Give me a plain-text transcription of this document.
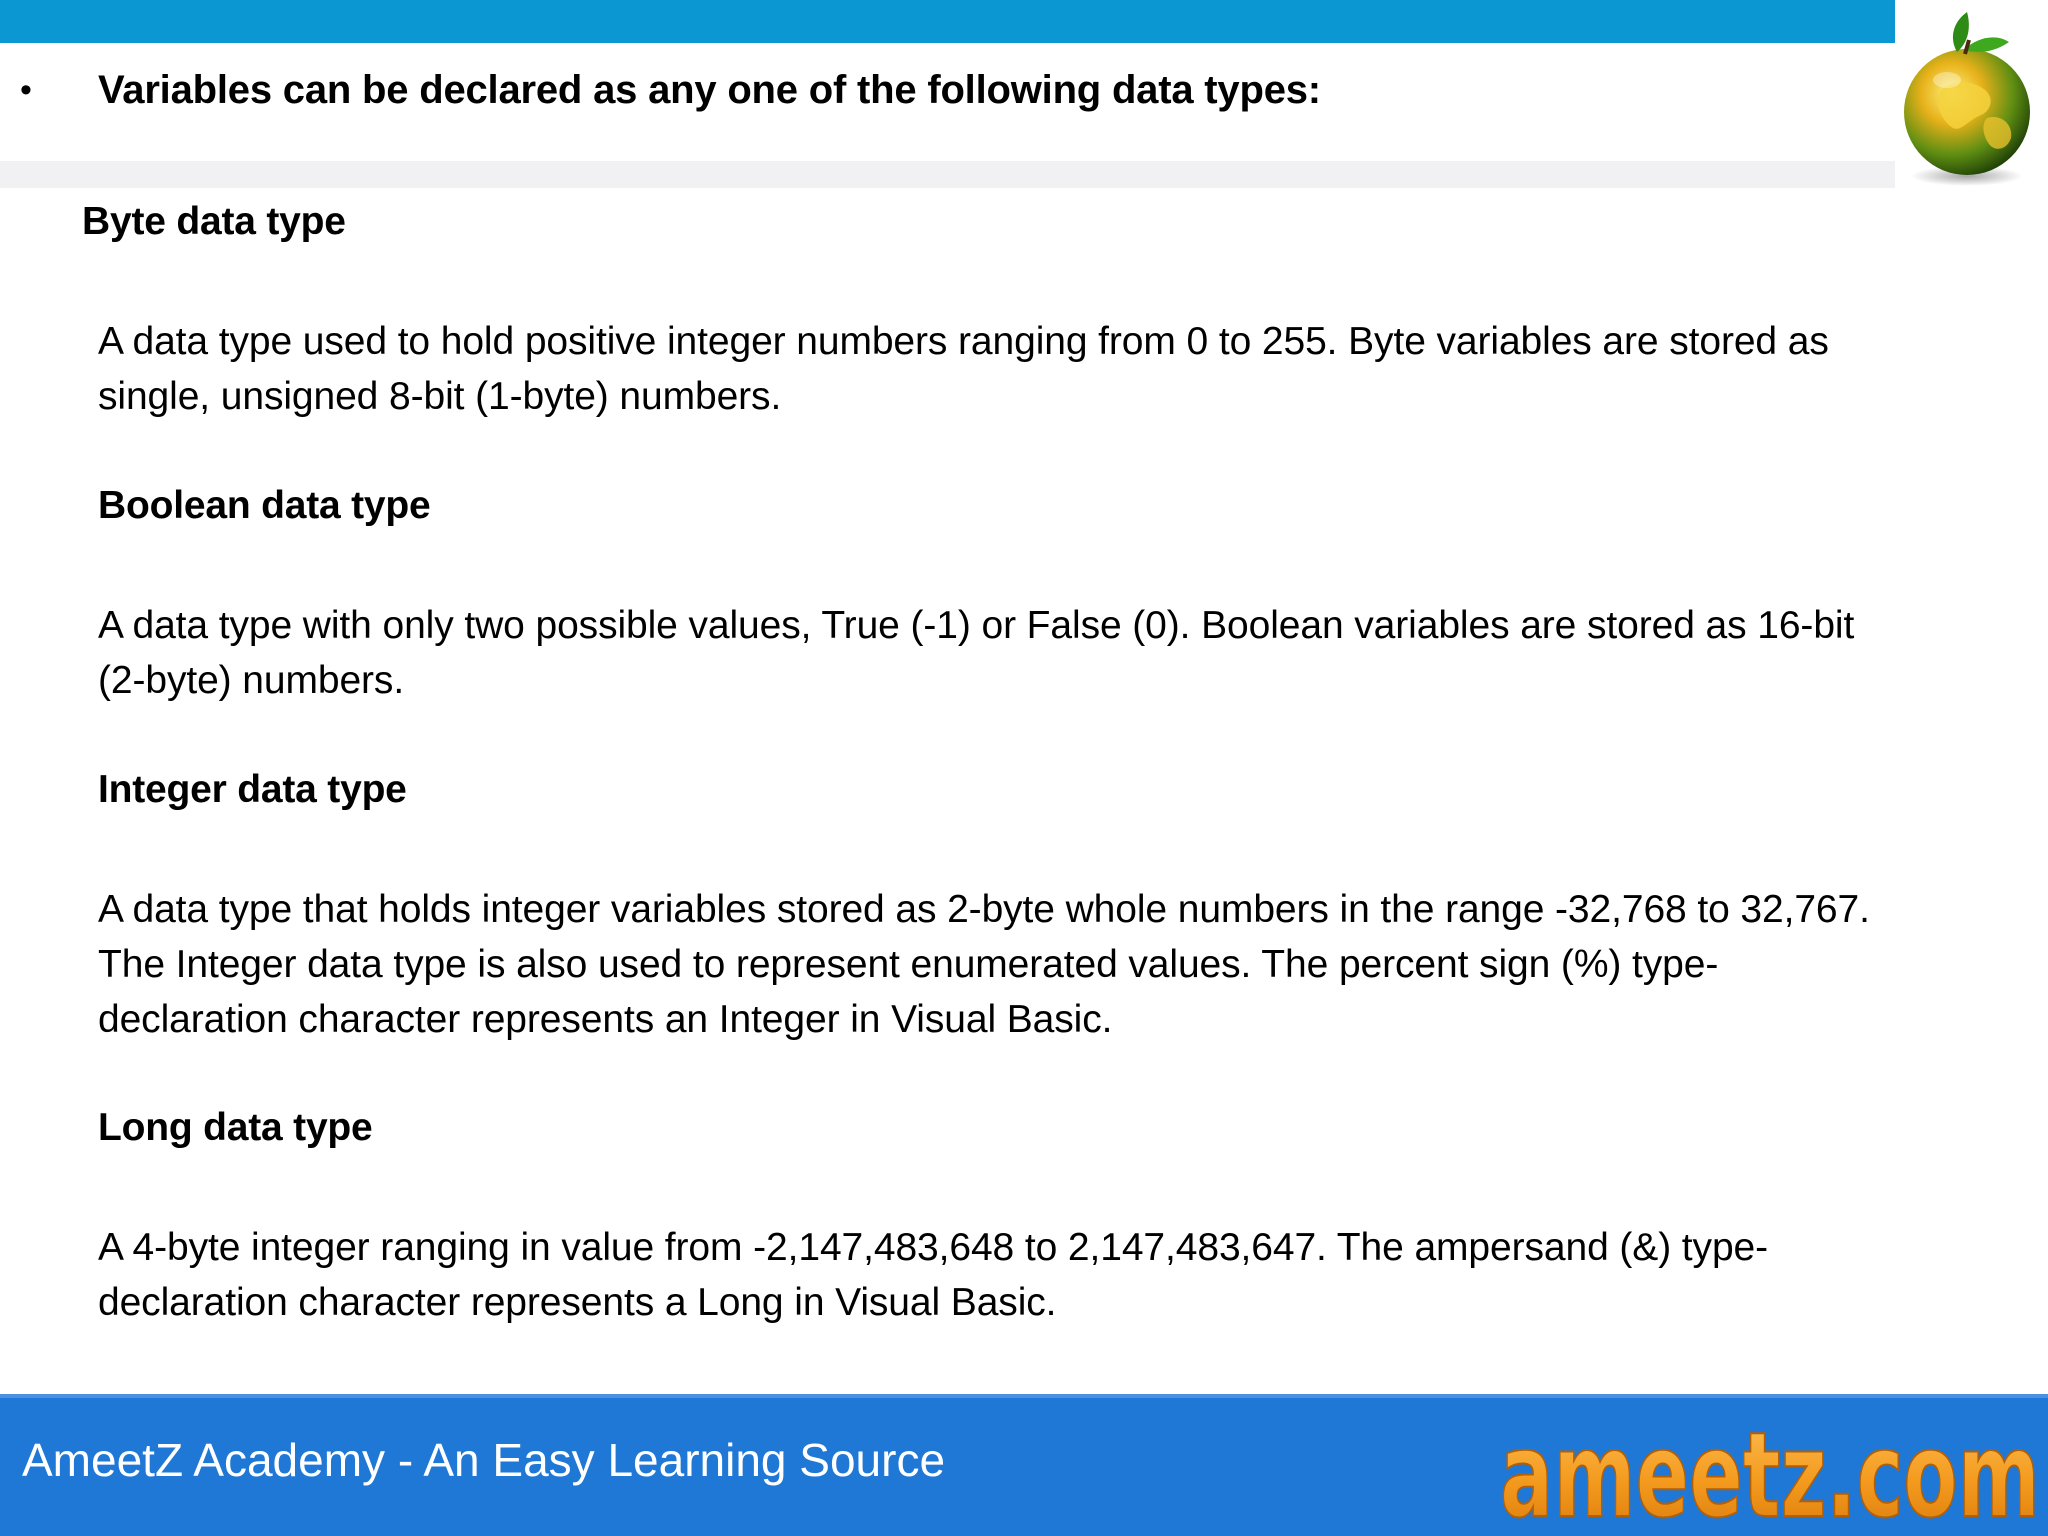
• Variables can be declared as any one of the following data types:
Byte data type

A data type used to hold positive integer numbers ranging from 0 to 255. Byte variables are stored as
single, unsigned 8-bit (1-byte) numbers.

Boolean data type

A data type with only two possible values, True (-1) or False (0). Boolean variables are stored as 16-bit
(2-byte) numbers.

Integer data type

A data type that holds integer variables stored as 2-byte whole numbers in the range -32,768 to 32,767.
The Integer data type is also used to represent enumerated values. The percent sign (%) type-
declaration character represents an Integer in Visual Basic.

Long data type

A 4-byte integer ranging in value from -2,147,483,648 to 2,147,483,647. The ampersand (&) type-
declaration character represents a Long in Visual Basic.

AmeetZ Academy - An Easy Learning Source	ameetz.com
